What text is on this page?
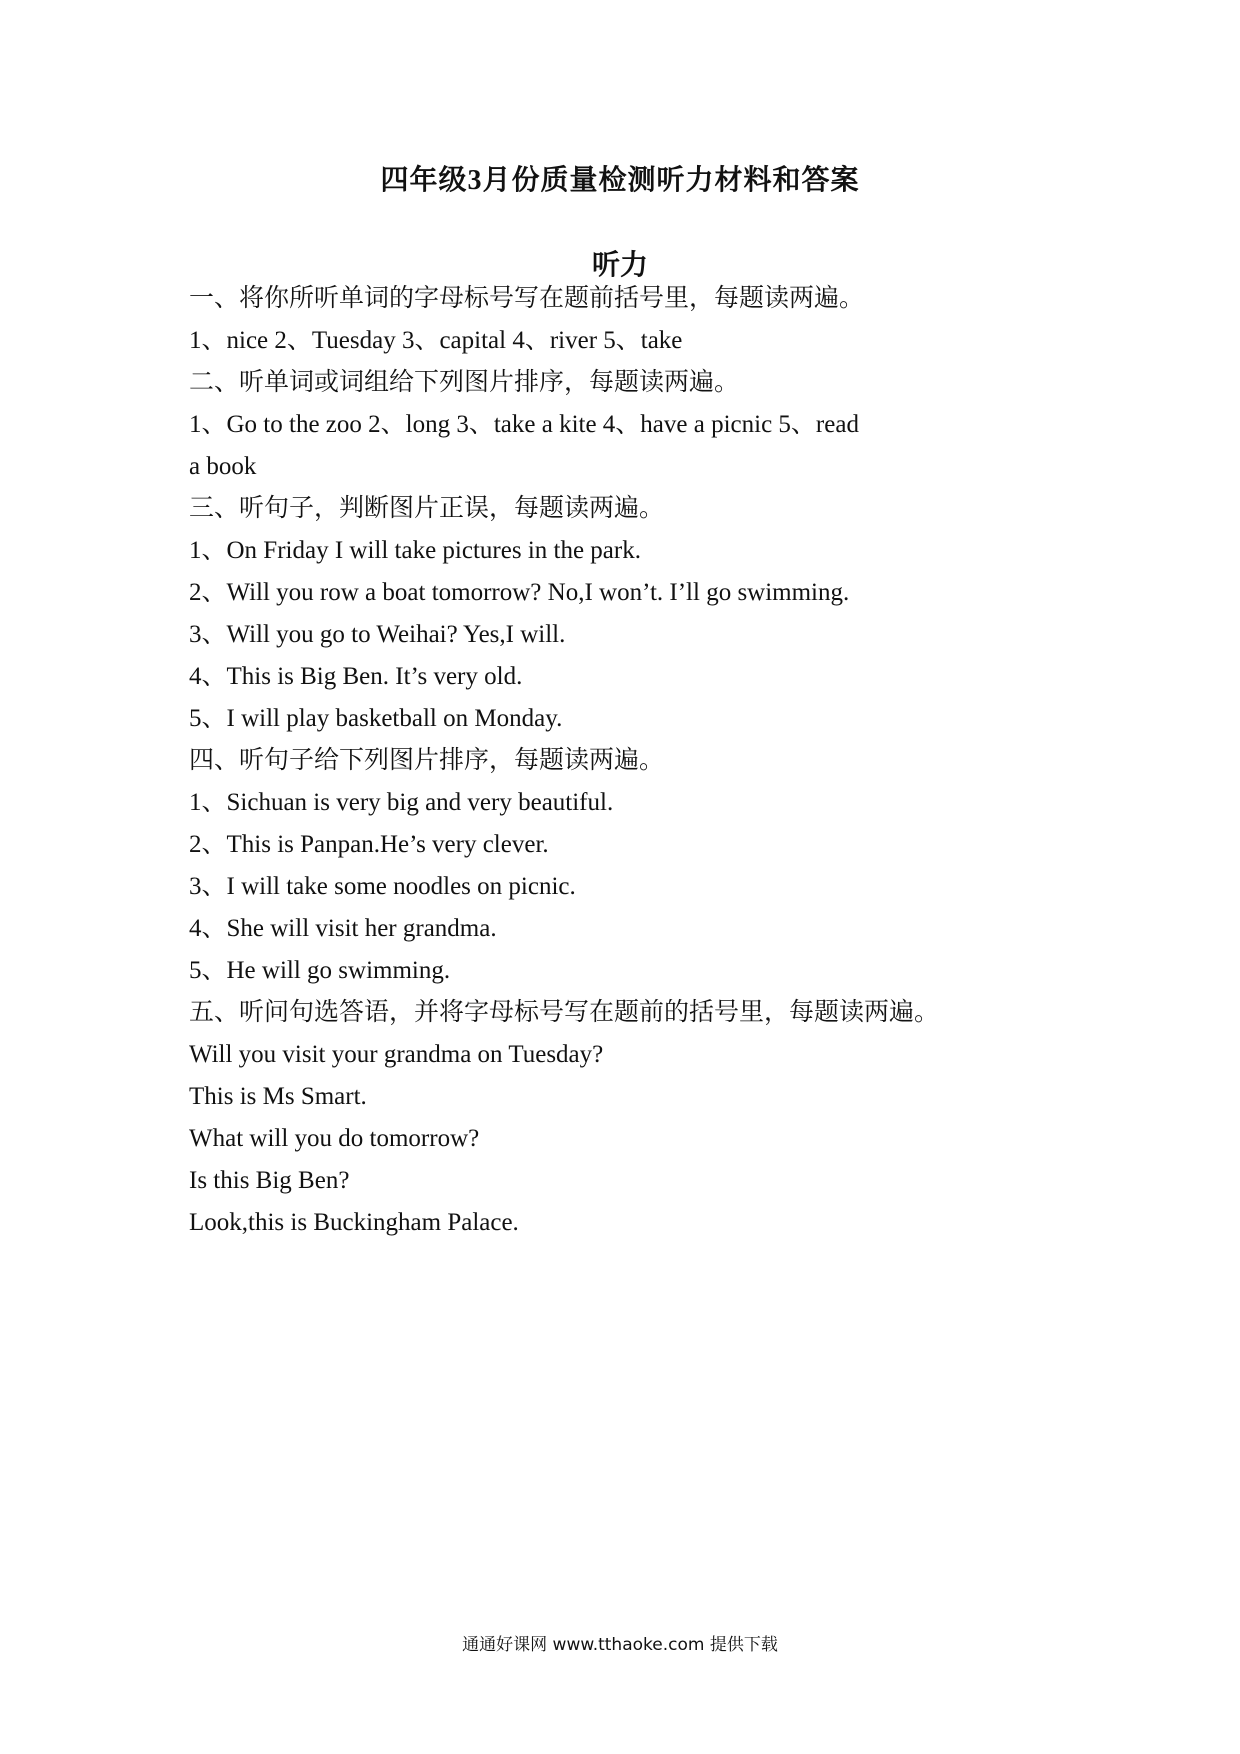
四年级3月份质量检测听力材料和答案
听力
一、将你所听单词的字母标号写在题前括号里，每题读两遍。
1、nice 2、Tuesday 3、capital 4、river 5、take
二、听单词或词组给下列图片排序，每题读两遍。
1、Go to the zoo 2、long 3、take a kite 4、have a picnic 5、read
a book
三、听句子，判断图片正误，每题读两遍。
1、On Friday I will take pictures in the park.
2、Will you row a boat tomorrow? No,I won’t. I’ll go swimming.
3、Will you go to Weihai? Yes,I will.
4、This is Big Ben. It’s very old.
5、I will play basketball on Monday.
四、听句子给下列图片排序，每题读两遍。
1、Sichuan is very big and very beautiful.
2、This is Panpan.He’s very clever.
3、I will take some noodles on picnic.
4、She will visit her grandma.
5、He will go swimming.
五、听问句选答语，并将字母标号写在题前的括号里，每题读两遍。
Will you visit your grandma on Tuesday?
This is Ms Smart.
What will you do tomorrow?
Is this Big Ben?
Look,this is Buckingham Palace.
通通好课网 www.tthaoke.com 提供下载
